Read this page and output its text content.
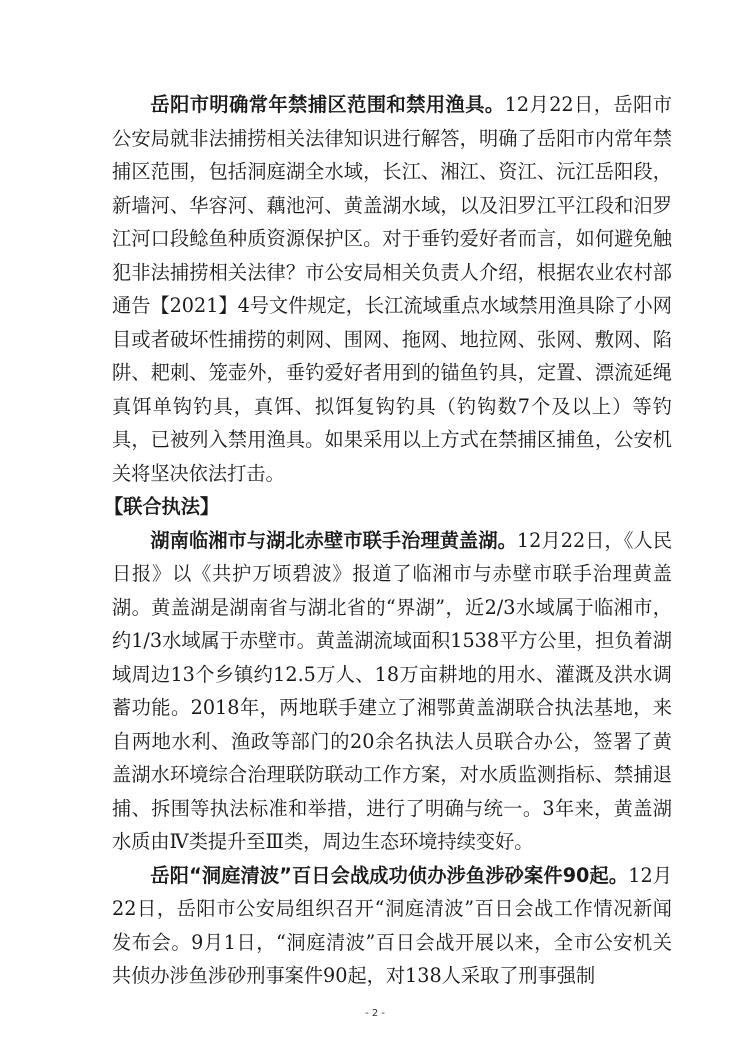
岳阳市明确常年禁捕区范围和禁用渔具。12月22日，岳阳市公安局就非法捕捞相关法律知识进行解答，明确了岳阳市内常年禁捕区范围，包括洞庭湖全水域，长江、湘江、资江、沅江岳阳段，新墙河、华容河、藕池河、黄盖湖水域，以及汨罗江平江段和汨罗江河口段鲶鱼种质资源保护区。对于垂钓爱好者而言，如何避免触犯非法捕捞相关法律？市公安局相关负责人介绍，根据农业农村部通告【2021】4号文件规定，长江流域重点水域禁用渔具除了小网目或者破坏性捕捞的刺网、围网、拖网、地拉网、张网、敷网、陷阱、耙刺、笼壶外，垂钓爱好者用到的锚鱼钓具，定置、漂流延绳真饵单钩钓具，真饵、拟饵复钩钓具（钓钩数7个及以上）等钓具，已被列入禁用渔具。如果采用以上方式在禁捕区捕鱼，公安机关将坚决依法打击。

【联合执法】

湖南临湘市与湖北赤壁市联手治理黄盖湖。12月22日，《人民日报》以《共护万顷碧波》报道了临湘市与赤壁市联手治理黄盖湖。黄盖湖是湖南省与湖北省的“界湖”，近2/3水域属于临湘市，约1/3水域属于赤壁市。黄盖湖流域面积1538平方公里，担负着湖域周边13个乡镇约12.5万人、18万亩耕地的用水、灌溉及洪水调蓄功能。2018年，两地联手建立了湘鄂黄盖湖联合执法基地，来自两地水利、渔政等部门的20余名执法人员联合办公，签署了黄盖湖水环境综合治理联防联动工作方案，对水质监测指标、禁捕退捕、拆围等执法标准和举措，进行了明确与统一。3年来，黄盖湖水质由Ⅳ类提升至Ⅲ类，周边生态环境持续变好。

岳阳“洞庭清波”百日会战成功侦办涉鱼涉砂案件90起。12月22日，岳阳市公安局组织召开“洞庭清波”百日会战工作情况新闻发布会。9月1日，“洞庭清波”百日会战开展以来，全市公安机关共侦办涉鱼涉砂刑事案件90起，对138人采取了刑事强制

- 2 -
